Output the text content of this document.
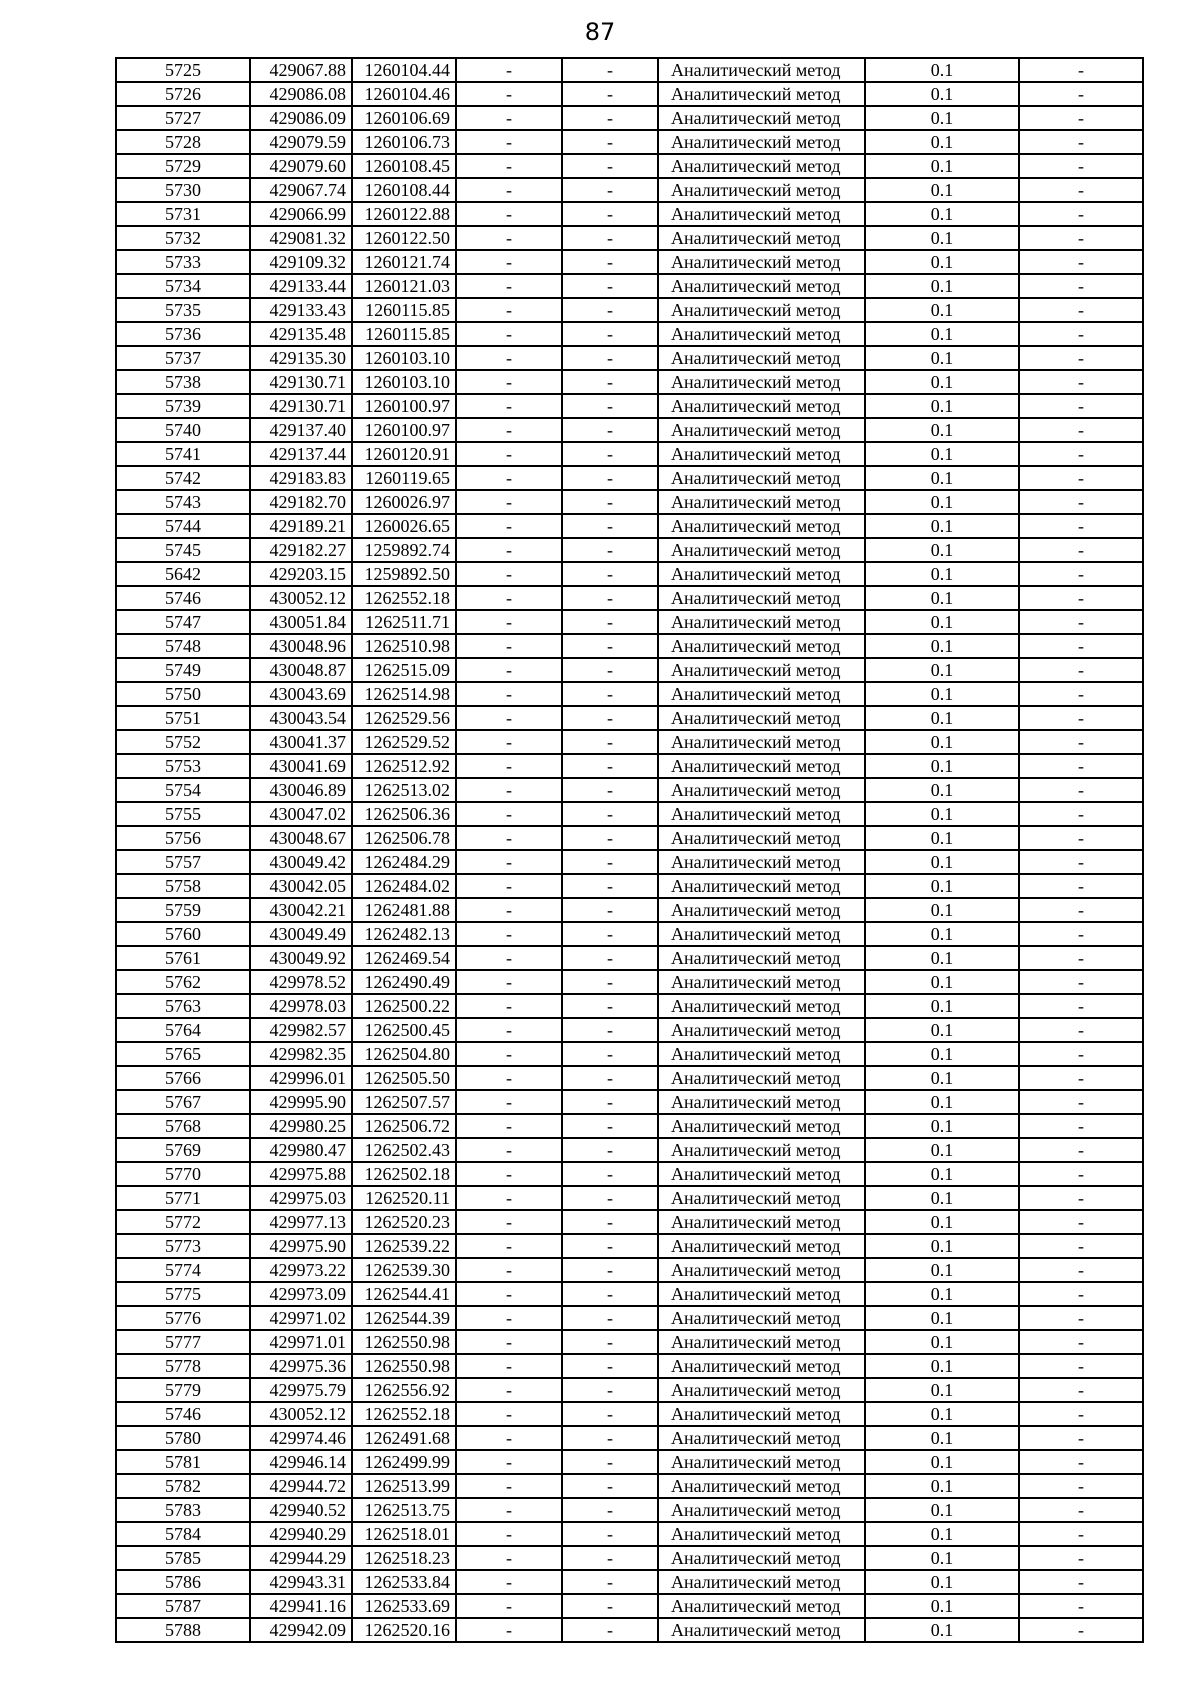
87
5725	429067.88	1260104.44	-	-	Аналитический метод	0.1	-
5726	429086.08	1260104.46	-	-	Аналитический метод	0.1	-
5727	429086.09	1260106.69	-	-	Аналитический метод	0.1	-
5728	429079.59	1260106.73	-	-	Аналитический метод	0.1	-
5729	429079.60	1260108.45	-	-	Аналитический метод	0.1	-
5730	429067.74	1260108.44	-	-	Аналитический метод	0.1	-
5731	429066.99	1260122.88	-	-	Аналитический метод	0.1	-
5732	429081.32	1260122.50	-	-	Аналитический метод	0.1	-
5733	429109.32	1260121.74	-	-	Аналитический метод	0.1	-
5734	429133.44	1260121.03	-	-	Аналитический метод	0.1	-
5735	429133.43	1260115.85	-	-	Аналитический метод	0.1	-
5736	429135.48	1260115.85	-	-	Аналитический метод	0.1	-
5737	429135.30	1260103.10	-	-	Аналитический метод	0.1	-
5738	429130.71	1260103.10	-	-	Аналитический метод	0.1	-
5739	429130.71	1260100.97	-	-	Аналитический метод	0.1	-
5740	429137.40	1260100.97	-	-	Аналитический метод	0.1	-
5741	429137.44	1260120.91	-	-	Аналитический метод	0.1	-
5742	429183.83	1260119.65	-	-	Аналитический метод	0.1	-
5743	429182.70	1260026.97	-	-	Аналитический метод	0.1	-
5744	429189.21	1260026.65	-	-	Аналитический метод	0.1	-
5745	429182.27	1259892.74	-	-	Аналитический метод	0.1	-
5642	429203.15	1259892.50	-	-	Аналитический метод	0.1	-
5746	430052.12	1262552.18	-	-	Аналитический метод	0.1	-
5747	430051.84	1262511.71	-	-	Аналитический метод	0.1	-
5748	430048.96	1262510.98	-	-	Аналитический метод	0.1	-
5749	430048.87	1262515.09	-	-	Аналитический метод	0.1	-
5750	430043.69	1262514.98	-	-	Аналитический метод	0.1	-
5751	430043.54	1262529.56	-	-	Аналитический метод	0.1	-
5752	430041.37	1262529.52	-	-	Аналитический метод	0.1	-
5753	430041.69	1262512.92	-	-	Аналитический метод	0.1	-
5754	430046.89	1262513.02	-	-	Аналитический метод	0.1	-
5755	430047.02	1262506.36	-	-	Аналитический метод	0.1	-
5756	430048.67	1262506.78	-	-	Аналитический метод	0.1	-
5757	430049.42	1262484.29	-	-	Аналитический метод	0.1	-
5758	430042.05	1262484.02	-	-	Аналитический метод	0.1	-
5759	430042.21	1262481.88	-	-	Аналитический метод	0.1	-
5760	430049.49	1262482.13	-	-	Аналитический метод	0.1	-
5761	430049.92	1262469.54	-	-	Аналитический метод	0.1	-
5762	429978.52	1262490.49	-	-	Аналитический метод	0.1	-
5763	429978.03	1262500.22	-	-	Аналитический метод	0.1	-
5764	429982.57	1262500.45	-	-	Аналитический метод	0.1	-
5765	429982.35	1262504.80	-	-	Аналитический метод	0.1	-
5766	429996.01	1262505.50	-	-	Аналитический метод	0.1	-
5767	429995.90	1262507.57	-	-	Аналитический метод	0.1	-
5768	429980.25	1262506.72	-	-	Аналитический метод	0.1	-
5769	429980.47	1262502.43	-	-	Аналитический метод	0.1	-
5770	429975.88	1262502.18	-	-	Аналитический метод	0.1	-
5771	429975.03	1262520.11	-	-	Аналитический метод	0.1	-
5772	429977.13	1262520.23	-	-	Аналитический метод	0.1	-
5773	429975.90	1262539.22	-	-	Аналитический метод	0.1	-
5774	429973.22	1262539.30	-	-	Аналитический метод	0.1	-
5775	429973.09	1262544.41	-	-	Аналитический метод	0.1	-
5776	429971.02	1262544.39	-	-	Аналитический метод	0.1	-
5777	429971.01	1262550.98	-	-	Аналитический метод	0.1	-
5778	429975.36	1262550.98	-	-	Аналитический метод	0.1	-
5779	429975.79	1262556.92	-	-	Аналитический метод	0.1	-
5746	430052.12	1262552.18	-	-	Аналитический метод	0.1	-
5780	429974.46	1262491.68	-	-	Аналитический метод	0.1	-
5781	429946.14	1262499.99	-	-	Аналитический метод	0.1	-
5782	429944.72	1262513.99	-	-	Аналитический метод	0.1	-
5783	429940.52	1262513.75	-	-	Аналитический метод	0.1	-
5784	429940.29	1262518.01	-	-	Аналитический метод	0.1	-
5785	429944.29	1262518.23	-	-	Аналитический метод	0.1	-
5786	429943.31	1262533.84	-	-	Аналитический метод	0.1	-
5787	429941.16	1262533.69	-	-	Аналитический метод	0.1	-
5788	429942.09	1262520.16	-	-	Аналитический метод	0.1	-
